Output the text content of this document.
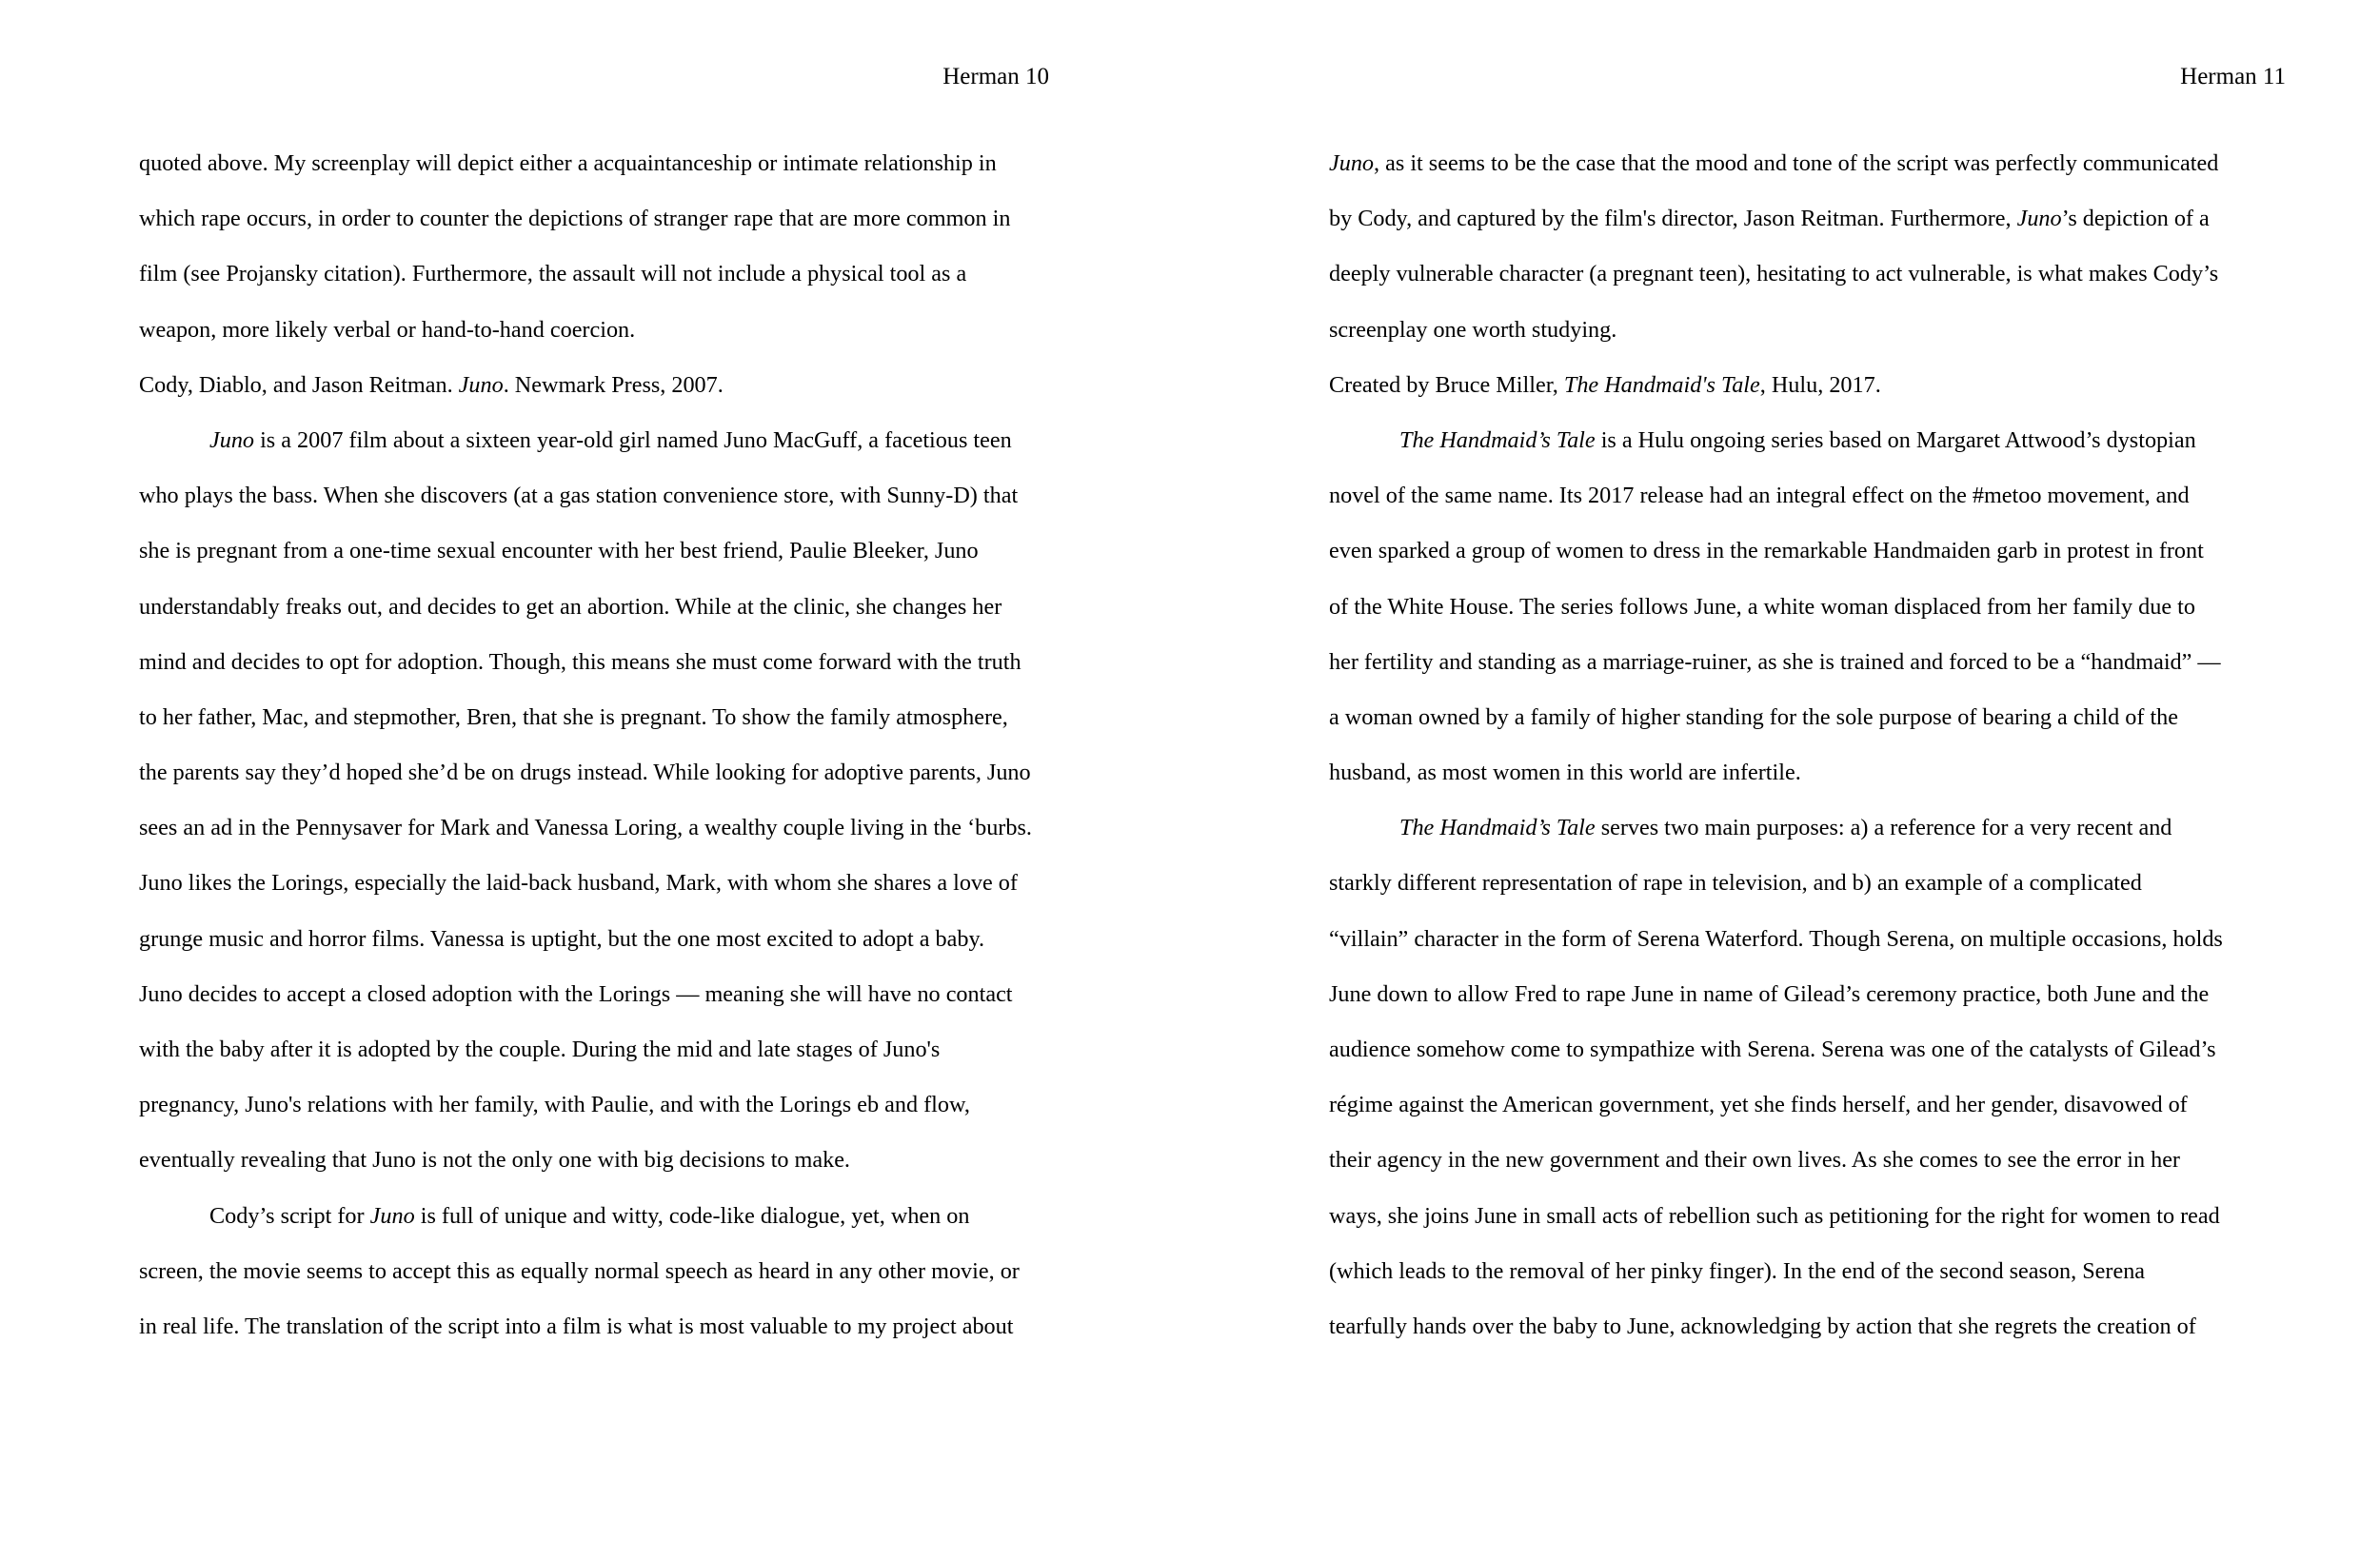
Herman 10
quoted above. My screenplay will depict either a acquaintanceship or intimate relationship in
which rape occurs, in order to counter the depictions of stranger rape that are more common in
film (see Projansky citation). Furthermore, the assault will not include a physical tool as a
weapon, more likely verbal or hand-to-hand coercion.
Cody, Diablo, and Jason Reitman. Juno. Newmark Press, 2007.
Juno is a 2007 film about a sixteen year-old girl named Juno MacGuff, a facetious teen
who plays the bass. When she discovers (at a gas station convenience store, with Sunny-D) that
she is pregnant from a one-time sexual encounter with her best friend, Paulie Bleeker, Juno
understandably freaks out, and decides to get an abortion. While at the clinic, she changes her
mind and decides to opt for adoption. Though, this means she must come forward with the truth
to her father, Mac, and stepmother, Bren, that she is pregnant. To show the family atmosphere,
the parents say they’d hoped she’d be on drugs instead. While looking for adoptive parents, Juno
sees an ad in the Pennysaver for Mark and Vanessa Loring, a wealthy couple living in the ‘burbs.
Juno likes the Lorings, especially the laid-back husband, Mark, with whom she shares a love of
grunge music and horror films. Vanessa is uptight, but the one most excited to adopt a baby.
Juno decides to accept a closed adoption with the Lorings — meaning she will have no contact
with the baby after it is adopted by the couple. During the mid and late stages of Juno's
pregnancy, Juno's relations with her family, with Paulie, and with the Lorings eb and flow,
eventually revealing that Juno is not the only one with big decisions to make.
Cody’s script for Juno is full of unique and witty, code-like dialogue, yet, when on
screen, the movie seems to accept this as equally normal speech as heard in any other movie, or
in real life. The translation of the script into a film is what is most valuable to my project about
Herman 11
Juno, as it seems to be the case that the mood and tone of the script was perfectly communicated
by Cody, and captured by the film's director, Jason Reitman. Furthermore, Juno’s depiction of a
deeply vulnerable character (a pregnant teen), hesitating to act vulnerable, is what makes Cody’s
screenplay one worth studying.
Created by Bruce Miller, The Handmaid's Tale, Hulu, 2017.
The Handmaid’s Tale is a Hulu ongoing series based on Margaret Attwood’s dystopian
novel of the same name. Its 2017 release had an integral effect on the #metoo movement, and
even sparked a group of women to dress in the remarkable Handmaiden garb in protest in front
of the White House. The series follows June, a white woman displaced from her family due to
her fertility and standing as a marriage-ruiner, as she is trained and forced to be a “handmaid” —
a woman owned by a family of higher standing for the sole purpose of bearing a child of the
husband, as most women in this world are infertile.
The Handmaid’s Tale serves two main purposes: a) a reference for a very recent and
starkly different representation of rape in television, and b) an example of a complicated
“villain” character in the form of Serena Waterford. Though Serena, on multiple occasions, holds
June down to allow Fred to rape June in name of Gilead’s ceremony practice, both June and the
audience somehow come to sympathize with Serena. Serena was one of the catalysts of Gilead’s
régime against the American government, yet she finds herself, and her gender, disavowed of
their agency in the new government and their own lives. As she comes to see the error in her
ways, she joins June in small acts of rebellion such as petitioning for the right for women to read
(which leads to the removal of her pinky finger). In the end of the second season, Serena
tearfully hands over the baby to June, acknowledging by action that she regrets the creation of
